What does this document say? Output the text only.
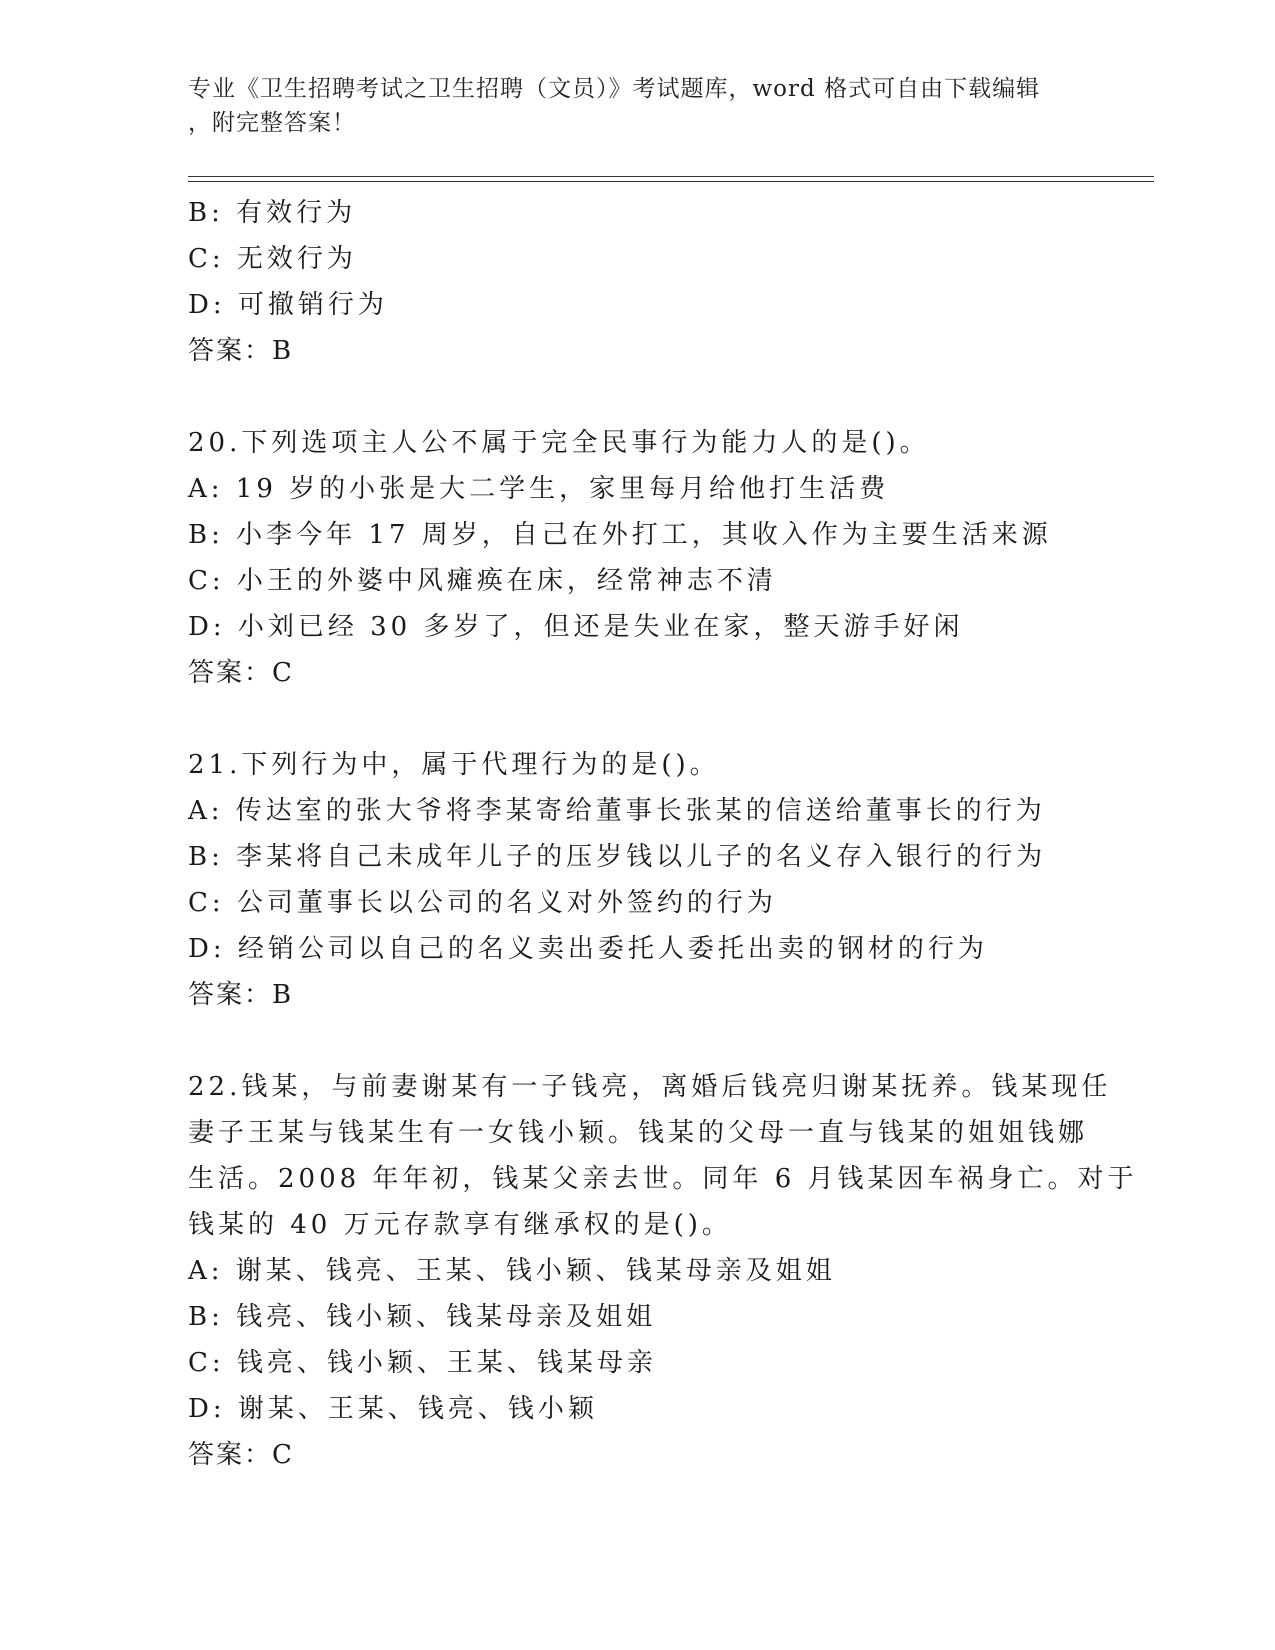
专业《卫生招聘考试之卫生招聘（文员）》考试题库，word 格式可自由下载编辑
，附完整答案！
B: 有效行为
C: 无效行为
D: 可撤销行为
答案：B
20.下列选项主人公不属于完全民事行为能力人的是()。
A: 19 岁的小张是大二学生，家里每月给他打生活费
B: 小李今年 17 周岁，自己在外打工，其收入作为主要生活来源
C: 小王的外婆中风瘫痪在床，经常神志不清
D: 小刘已经 30 多岁了，但还是失业在家，整天游手好闲
答案：C
21.下列行为中，属于代理行为的是()。
A: 传达室的张大爷将李某寄给董事长张某的信送给董事长的行为
B: 李某将自己未成年儿子的压岁钱以儿子的名义存入银行的行为
C: 公司董事长以公司的名义对外签约的行为
D: 经销公司以自己的名义卖出委托人委托出卖的钢材的行为
答案：B
22.钱某，与前妻谢某有一子钱亮，离婚后钱亮归谢某抚养。钱某现任
妻子王某与钱某生有一女钱小颖。钱某的父母一直与钱某的姐姐钱娜
生活。2008 年年初，钱某父亲去世。同年 6 月钱某因车祸身亡。对于
钱某的 40 万元存款享有继承权的是()。
A: 谢某、钱亮、王某、钱小颖、钱某母亲及姐姐
B: 钱亮、钱小颖、钱某母亲及姐姐
C: 钱亮、钱小颖、王某、钱某母亲
D: 谢某、王某、钱亮、钱小颖
答案：C
